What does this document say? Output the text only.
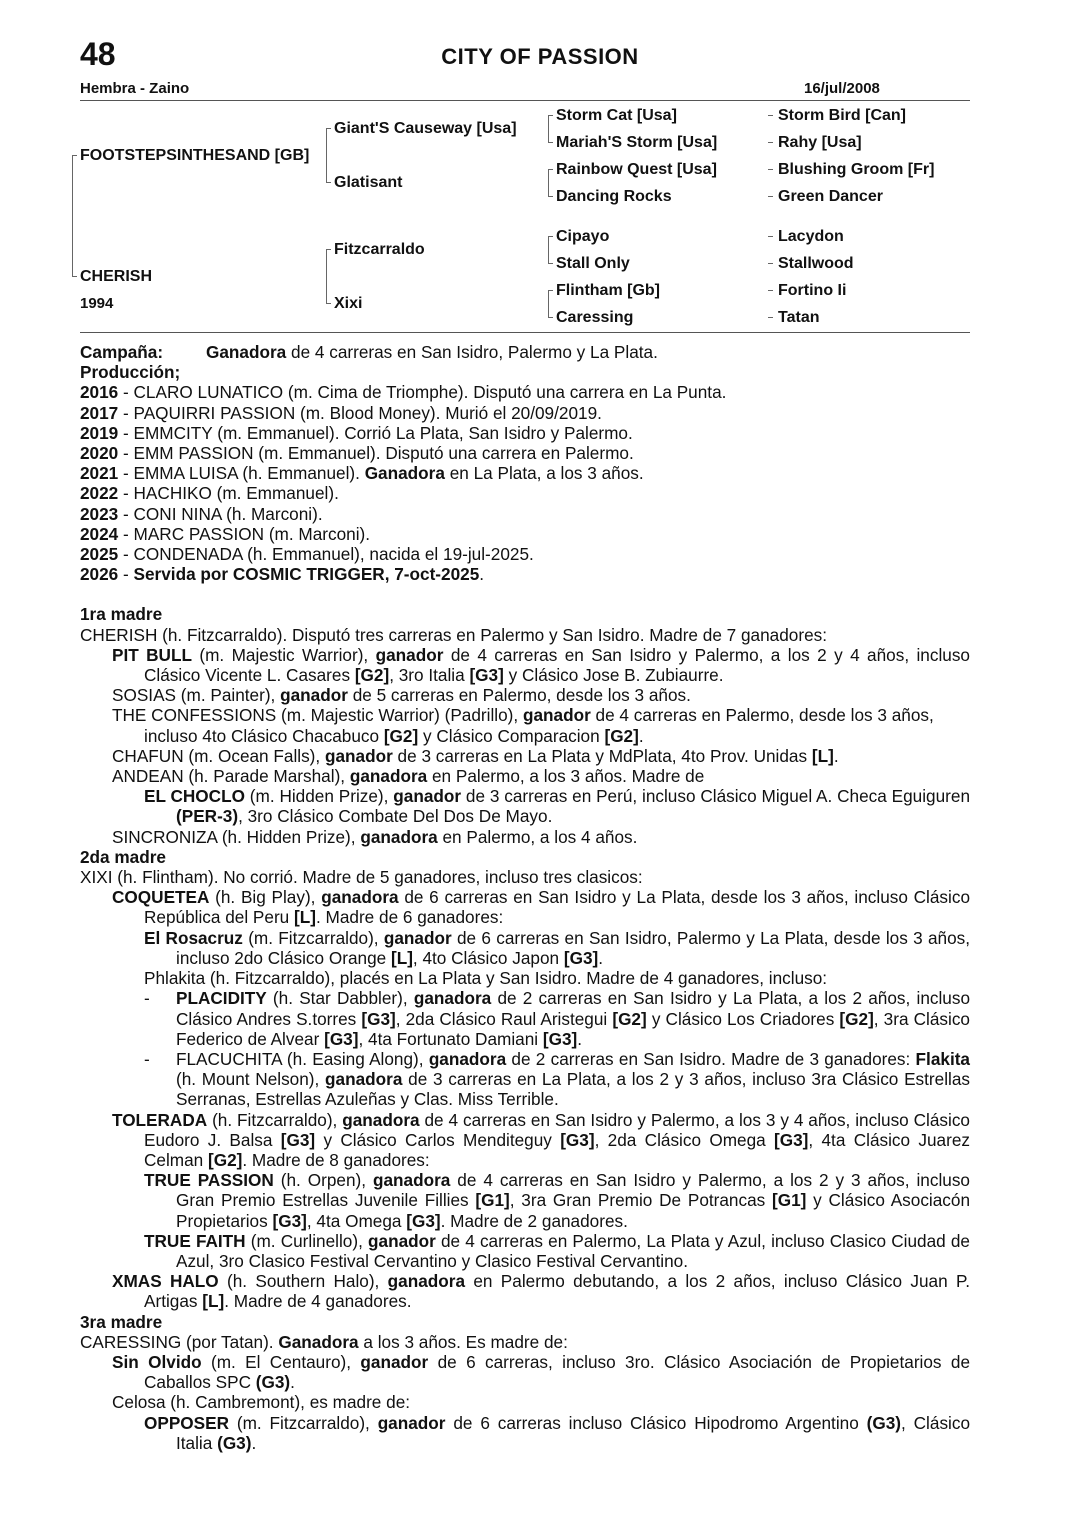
48	CITY OF PASSION
Hembra - Zaino	16/jul/2008
FOOTSTEPSINTHESAND [GB]
CHERISH
1994
Giant'S Causeway [Usa]
Glatisant
Fitzcarraldo
Xixi
Storm Cat [Usa]
Mariah'S Storm [Usa]
Rainbow Quest [Usa]
Dancing Rocks
Cipayo
Stall Only
Flintham [Gb]
Caressing
Storm Bird [Can]
Rahy [Usa]
Blushing Groom [Fr]
Green Dancer
Lacydon
Stallwood
Fortino Ii
Tatan

Campaña: Ganadora de 4 carreras en San Isidro, Palermo y La Plata.

Producción;

2016 - CLARO LUNATICO (m. Cima de Triomphe). Disputó una carrera en La Punta.

2017 - PAQUIRRI PASSION (m. Blood Money). Murió el 20/09/2019.

2019 - EMMCITY (m. Emmanuel). Corrió La Plata, San Isidro y Palermo.

2020 - EMM PASSION (m. Emmanuel). Disputó una carrera en Palermo.

2021 - EMMA LUISA (h. Emmanuel). Ganadora en La Plata, a los 3 años.

2022 - HACHIKO (m. Emmanuel).

2023 - CONI NINA (h. Marconi).

2024 - MARC PASSION (m. Marconi).

2025 - CONDENADA (h. Emmanuel), nacida el 19-jul-2025.

2026 - Servida por COSMIC TRIGGER, 7-oct-2025.

1ra madre

CHERISH (h. Fitzcarraldo). Disputó tres carreras en Palermo y San Isidro. Madre de 7 ganadores:

PIT BULL (m. Majestic Warrior), ganador de 4 carreras en San Isidro y Palermo, a los 2 y 4 años, incluso Clásico Vicente L. Casares [G2], 3ro Italia [G3] y Clásico Jose B. Zubiaurre.

SOSIAS (m. Painter), ganador de 5 carreras en Palermo, desde los 3 años.

THE CONFESSIONS (m. Majestic Warrior) (Padrillo), ganador de 4 carreras en Palermo, desde los 3 años, incluso 4to Clásico Chacabuco [G2] y Clásico Comparacion [G2].

CHAFUN (m. Ocean Falls), ganador de 3 carreras en La Plata y MdPlata, 4to Prov. Unidas [L].

ANDEAN (h. Parade Marshal), ganadora en Palermo, a los 3 años. Madre de

EL CHOCLO (m. Hidden Prize), ganador de 3 carreras en Perú, incluso Clásico Miguel A. Checa Eguiguren (PER-3), 3ro Clásico Combate Del Dos De Mayo.

SINCRONIZA (h. Hidden Prize), ganadora en Palermo, a los 4 años.

2da madre

XIXI (h. Flintham). No corrió. Madre de 5 ganadores, incluso tres clasicos:

COQUETEA (h. Big Play), ganadora de 6 carreras en San Isidro y La Plata, desde los 3 años, incluso Clásico República del Peru [L]. Madre de 6 ganadores:

El Rosacruz (m. Fitzcarraldo), ganador de 6 carreras en San Isidro, Palermo y La Plata, desde los 3 años, incluso 2do Clásico Orange [L], 4to Clásico Japon [G3].

Phlakita (h. Fitzcarraldo), placés en La Plata y San Isidro. Madre de 4 ganadores, incluso:

- PLACIDITY (h. Star Dabbler), ganadora de 2 carreras en San Isidro y La Plata, a los 2 años, incluso Clásico Andres S.torres [G3], 2da Clásico Raul Aristegui [G2] y Clásico Los Criadores [G2], 3ra Clásico Federico de Alvear [G3], 4ta Fortunato Damiani [G3].

- FLACUCHITA (h. Easing Along), ganadora de 2 carreras en San Isidro. Madre de 3 ganadores: Flakita (h. Mount Nelson), ganadora de 3 carreras en La Plata, a los 2 y 3 años, incluso 3ra Clásico Estrellas Serranas, Estrellas Azuleñas y Clas. Miss Terrible.

TOLERADA (h. Fitzcarraldo), ganadora de 4 carreras en San Isidro y Palermo, a los 3 y 4 años, incluso Clásico Eudoro J. Balsa [G3] y Clásico Carlos Menditeguy [G3], 2da Clásico Omega [G3], 4ta Clásico Juarez Celman [G2]. Madre de 8 ganadores:

TRUE PASSION (h. Orpen), ganadora de 4 carreras en San Isidro y Palermo, a los 2 y 3 años, incluso Gran Premio Estrellas Juvenile Fillies [G1], 3ra Gran Premio De Potrancas [G1] y Clásico Asociacón Propietarios [G3], 4ta Omega [G3]. Madre de 2 ganadores.

TRUE FAITH (m. Curlinello), ganador de 4 carreras en Palermo, La Plata y Azul, incluso Clasico Ciudad de Azul, 3ro Clasico Festival Cervantino y Clasico Festival Cervantino.

XMAS HALO (h. Southern Halo), ganadora en Palermo debutando, a los 2 años, incluso Clásico Juan P. Artigas [L]. Madre de 4 ganadores.

3ra madre

CARESSING (por Tatan). Ganadora a los 3 años. Es madre de:

Sin Olvido (m. El Centauro), ganador de 6 carreras, incluso 3ro. Clásico Asociación de Propietarios de Caballos SPC (G3).

Celosa (h. Cambremont), es madre de:

OPPOSER (m. Fitzcarraldo), ganador de 6 carreras incluso Clásico Hipodromo Argentino (G3), Clásico Italia (G3).
